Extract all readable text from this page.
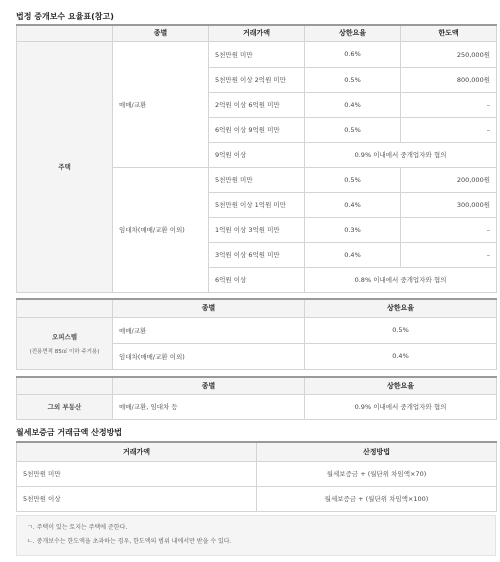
법정 중개보수 요율표(참고)
	종별	거래가액	상한요율	한도액
주택	매매/교환	5천만원 미만	0.6%	250,000원
		5천만원 이상 2억원 미만	0.5%	800,000원
		2억원 이상 6억원 미만	0.4%	–
		6억원 이상 9억원 미만	0.5%	–
		9억원 이상	0.9% 이내에서 중개업자와 협의	
	임대차(매매/교환 이외)	5천만원 미만	0.5%	200,000원
		5천만원 이상 1억원 미만	0.4%	300,000원
		1억원 이상 3억원 미만	0.3%	–
		3억원 이상 6억원 미만	0.4%	–
		6억원 이상	0.8% 이내에서 중개업자와 협의	
	종별	상한요율
오피스텔
(전용면적 85㎡ 이하 주거용)	매매/교환	0.5%
	임대차(매매/교환 이외)	0.4%
	종별	상한요율
그외 부동산	매매/교환, 임대차 등	0.9% 이내에서 중개업자와 협의
월세보증금 거래금액 산정방법
거래가액	산정방법
5천만원 미만	월세보증금 + (월단위 차임액×70)
5천만원 이상	월세보증금 + (월단위 차임액×100)
ㄱ. 주택이 있는 토지는 주택에 준한다.
ㄴ. 중개보수는 한도액을 초과하는 경우, 한도액의 범위 내에서만 받을 수 있다.
